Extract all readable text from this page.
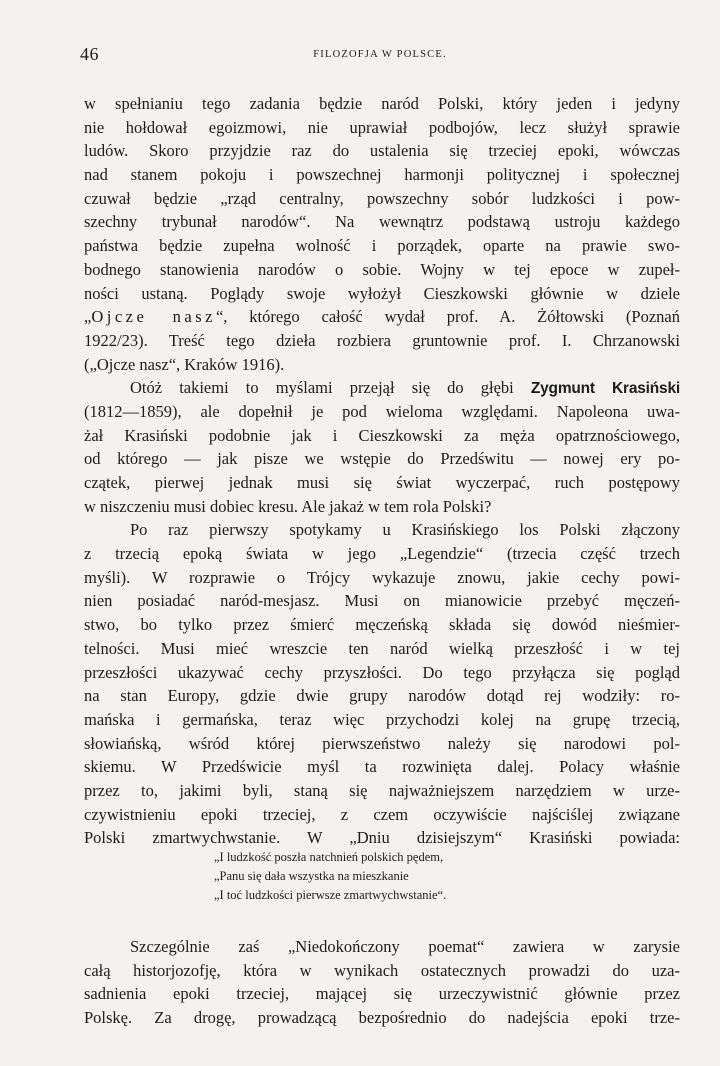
46	FILOZOFJA W POLSCE.
w spełnianiu tego zadania będzie naród Polski, który jeden i jedyny
nie hołdował egoizmowi, nie uprawiał podbojów, lecz służył sprawie
ludów. Skoro przyjdzie raz do ustalenia się trzeciej epoki, wówczas
nad stanem pokoju i powszechnej harmonji politycznej i społecznej
czuwał będzie „rząd centralny, powszechny sobór ludzkości i pow-
szechny trybunał narodów“. Na wewnątrz podstawą ustroju każdego
państwa będzie zupełna wolność i porządek, oparte na prawie swo-
bodnego stanowienia narodów o sobie. Wojny w tej epoce w zupeł-
ności ustaną. Poglądy swoje wyłożył Cieszkowski głównie w dziele
„Ojcze nasz“, którego całość wydał prof. A. Żółtowski (Poznań
1922/23). Treść tego dzieła rozbiera gruntownie prof. I. Chrzanowski
(„Ojcze nasz“, Kraków 1916).
Otóż takiemi to myślami przejął się do głębi Zygmunt Krasiński
(1812—1859), ale dopełnił je pod wieloma względami. Napoleona uwa-
żał Krasiński podobnie jak i Cieszkowski za męża opatrznościowego,
od którego — jak pisze we wstępie do Przedświtu — nowej ery po-
czątek, pierwej jednak musi się świat wyczerpać, ruch postępowy
w niszczeniu musi dobiec kresu. Ale jakaż w tem rola Polski?
Po raz pierwszy spotykamy u Krasińskiego los Polski złączony
z trzecią epoką świata w jego „Legendzie“ (trzecia część trzech
myśli). W rozprawie o Trójcy wykazuje znowu, jakie cechy powi-
nien posiadać naród-mesjasz. Musi on mianowicie przebyć męczeń-
stwo, bo tylko przez śmierć męczeńską składa się dowód nieśmier-
telności. Musi mieć wreszcie ten naród wielką przeszłość i w tej
przeszłości ukazywać cechy przyszłości. Do tego przyłącza się pogląd
na stan Europy, gdzie dwie grupy narodów dotąd rej wodziły: ro-
mańska i germańska, teraz więc przychodzi kolej na grupę trzecią,
słowiańską, wśród której pierwszeństwo należy się narodowi pol-
skiemu. W Przedświcie myśl ta rozwinięta dalej. Polacy właśnie
przez to, jakimi byli, staną się najważniejszem narzędziem w urze-
czywistnieniu epoki trzeciej, z czem oczywiście najściślej związane
Polski zmartwychwstanie. W „Dniu dzisiejszym“ Krasiński powiada:
„I ludzkość poszła natchnień polskich pędem,
„Panu się dała wszystka na mieszkanie
„I toć ludzkości pierwsze zmartwychwstanie“.
Szczególnie zaś „Niedokończony poemat“ zawiera w zarysie
całą historjozofję, która w wynikach ostatecznych prowadzi do uza-
sadnienia epoki trzeciej, mającej się urzeczywistnić głównie przez
Polskę. Za drogę, prowadzącą bezpośrednio do nadejścia epoki trze-
